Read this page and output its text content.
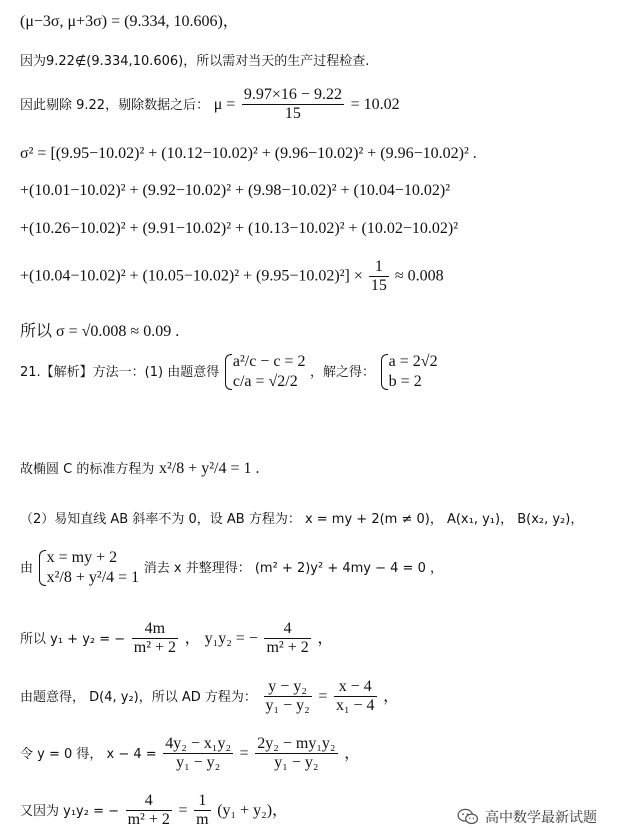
(μ−3σ, μ+3σ) = (9.334, 10.606)，
因为9.22∉(9.334,10.606)，所以需对当天的生产过程检查.
因此剔除 9.22，剔除数据之后： $\mu = \frac{9.97\times 16 - 9.22}{15} = 10.02$
σ² = [(9.95−10.02)² + (10.12−10.02)² + (9.96−10.02)² + (9.96−10.02)² .
+(10.01−10.02)² + (9.92−10.02)² + (9.98−10.02)² + (10.04−10.02)²
+(10.26−10.02)² + (9.91−10.02)² + (10.13−10.02)² + (10.02−10.02)²
$+(10.04-10.02)^2 + (10.05-10.02)^2 + (9.95-10.02)^2] \times \frac{1}{15} \approx 0.008$
所以 σ = √0.008 ≈ 0.09 .
21.【解析】方法一：(1) 由题意得
a²/c − c = 2
c/a = √2/2
，解之得：
a = 2√2
b = 2
故椭圆 C 的标准方程为 x²/8 + y²/4 = 1 .
（2）易知直线 AB 斜率不为 0，设 AB 方程为： x = my + 2(m ≠ 0)， A(x₁, y₁)， B(x₂, y₂)，
由
x = my + 2
x²/8 + y²/4 = 1
消去 x 并整理得： (m² + 2)y² + 4my − 4 = 0 ，
所以 y₁ + y₂ = − $\frac{4m}{\text{m² + 2}}$ ， y₁y₂ = − $\frac{4}{\text{m² + 2}}$ ，
由题意得， D(4, y₂)，所以 AD 方程为： $\frac{\text{y − y₂}}{\text{y₁ − y₂}} = \frac{x - 4}{\text{x₁ − 4}}$ ，
令 y = 0 得， $x - 4 = \frac{\text{4y₂ − x₁y₂}}{\text{y₁ − y₂}} = \frac{\text{2y₂ − my₁y₂}}{\text{y₁ − y₂}}$ ，
又因为 y₁y₂ = − $\frac{4}{\text{m² + 2}} = \frac{1}{m} (y_1 + y_2)$，	高中数学最新试题
